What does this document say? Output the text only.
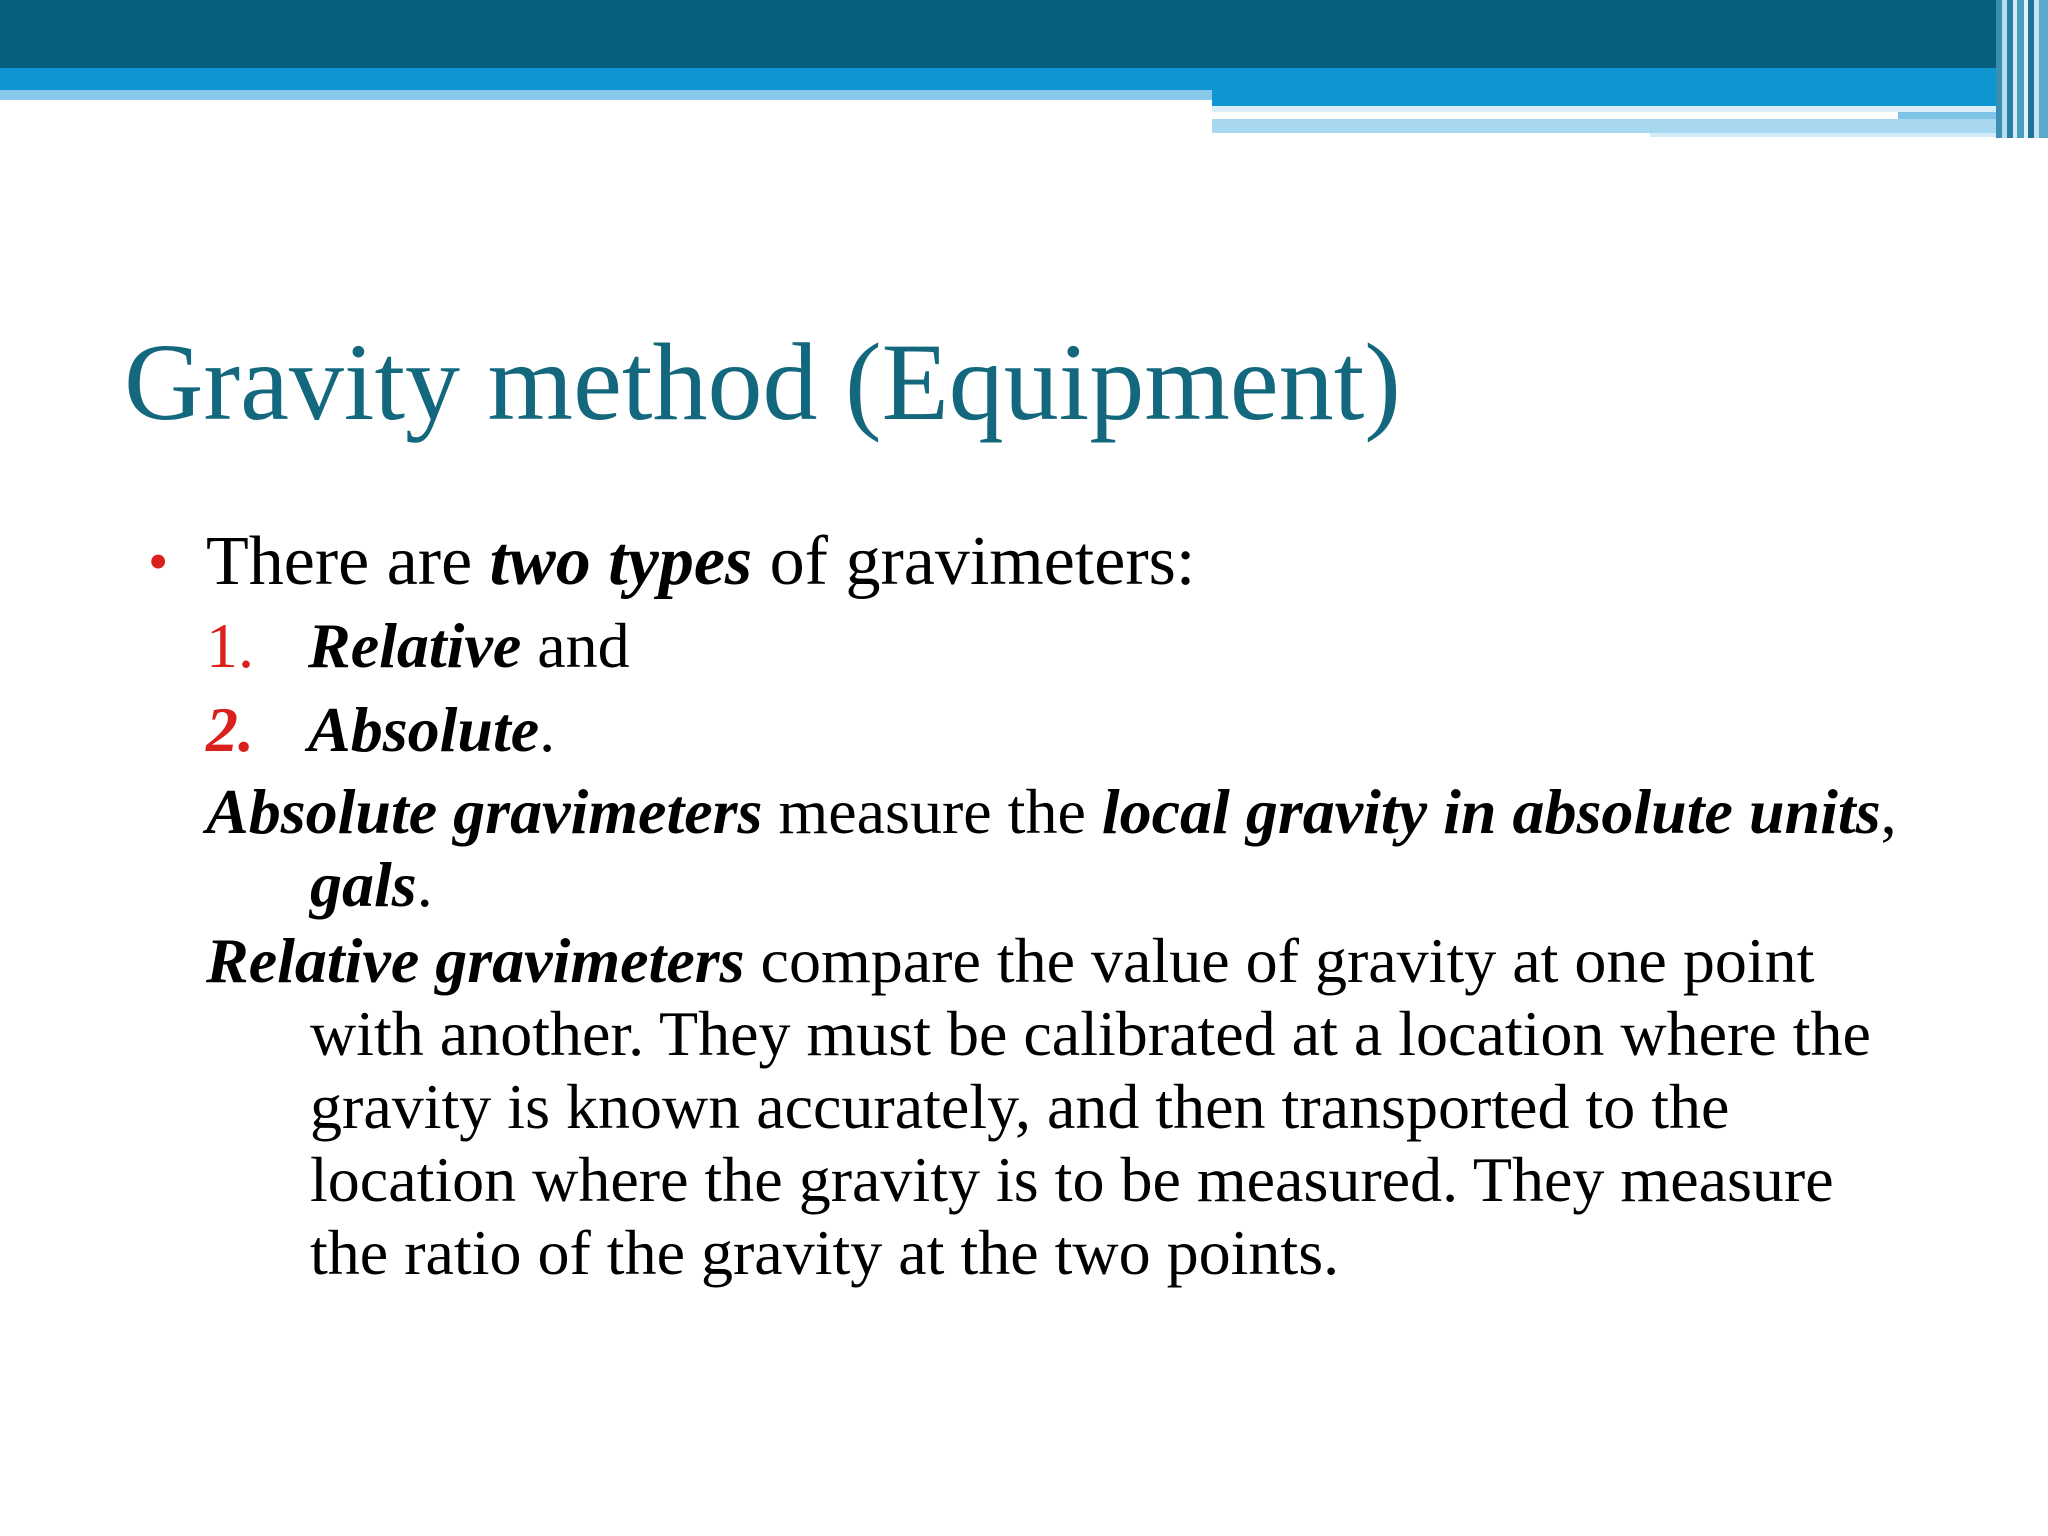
Gravity method (Equipment)
• There are two types of gravimeters:
1. Relative and
2. Absolute.
Absolute gravimeters measure the local gravity in absolute units, gals.
Relative gravimeters compare the value of gravity at one point with another. They must be calibrated at a location where the gravity is known accurately, and then transported to the location where the gravity is to be measured. They measure the ratio of the gravity at the two points.
